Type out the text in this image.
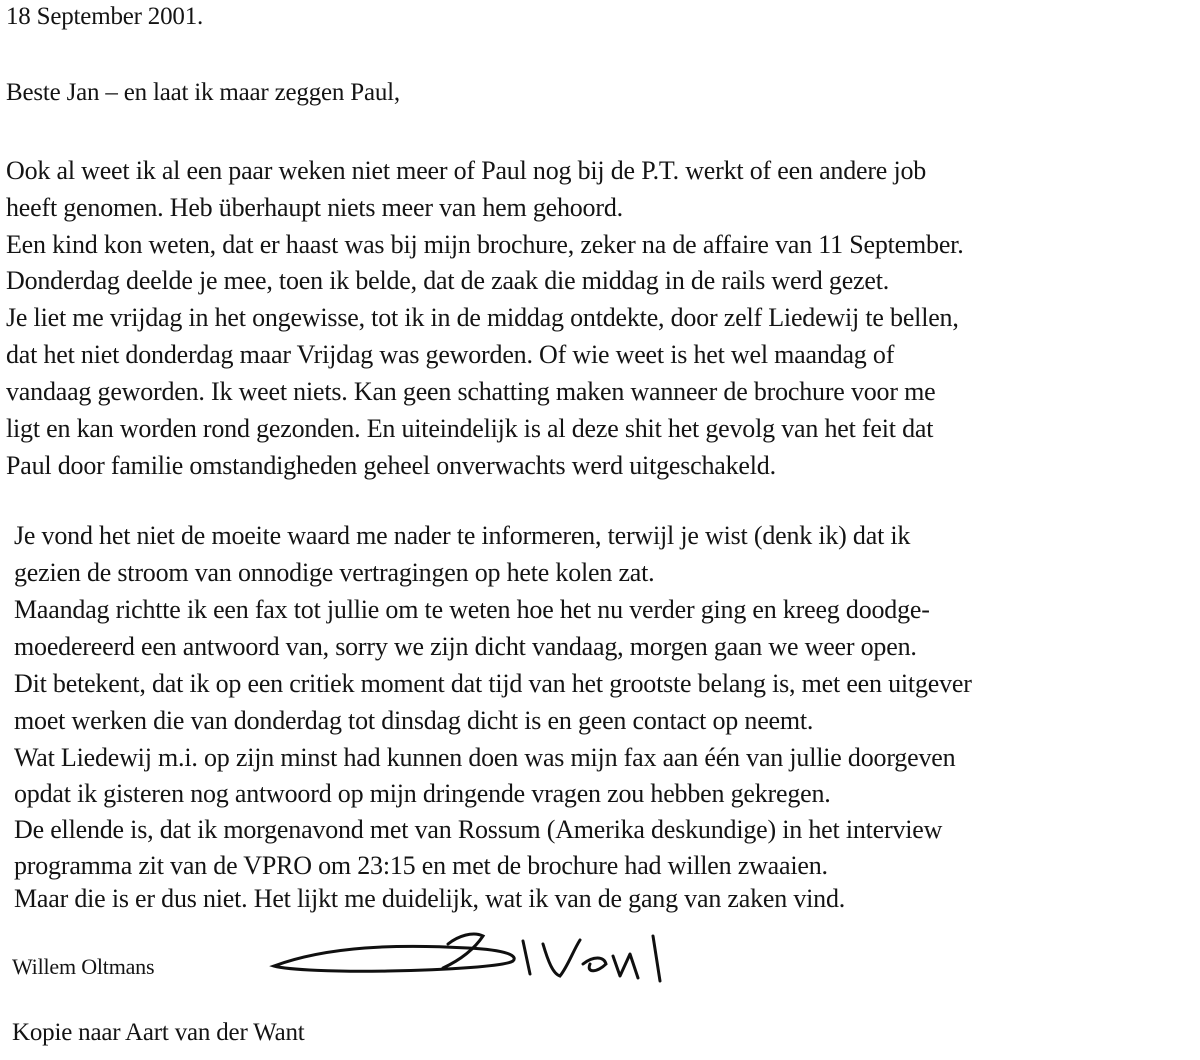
18 September 2001.
Beste Jan – en laat ik maar zeggen Paul,
Ook al weet ik al een paar weken niet meer of Paul nog bij de P.T. werkt of een andere job
heeft genomen. Heb überhaupt niets meer van hem gehoord.
Een kind kon weten, dat er haast was bij mijn brochure, zeker na de affaire van 11 September.
Donderdag deelde je mee, toen ik belde, dat de zaak die middag in de rails werd gezet.
Je liet me vrijdag in het ongewisse, tot ik in de middag ontdekte, door zelf Liedewij te bellen,
dat het niet donderdag maar Vrijdag was geworden. Of wie weet is het wel maandag of
vandaag geworden. Ik weet niets. Kan geen schatting maken wanneer de brochure voor me
ligt en kan worden rond gezonden. En uiteindelijk is al deze shit het gevolg van het feit dat
Paul door familie omstandigheden geheel onverwachts werd uitgeschakeld.
Je vond het niet de moeite waard me nader te informeren, terwijl je wist (denk ik) dat ik
gezien de stroom van onnodige vertragingen op hete kolen zat.
Maandag richtte ik een fax tot jullie om te weten hoe het nu verder ging en kreeg doodge-
moedereerd een antwoord van, sorry we zijn dicht vandaag, morgen gaan we weer open.
Dit betekent, dat ik op een critiek moment dat tijd van het grootste belang is, met een uitgever
moet werken die van donderdag tot dinsdag dicht is en geen contact op neemt.
Wat Liedewij m.i. op zijn minst had kunnen doen was mijn fax aan één van jullie doorgeven
opdat ik gisteren nog antwoord op mijn dringende vragen zou hebben gekregen.
De ellende is, dat ik morgenavond met van Rossum (Amerika deskundige) in het interview
programma zit van de VPRO om 23:15 en met de brochure had willen zwaaien.
Maar die is er dus niet. Het lijkt me duidelijk, wat ik van de gang van zaken vind.
Willem Oltmans
Kopie naar Aart van der Want
